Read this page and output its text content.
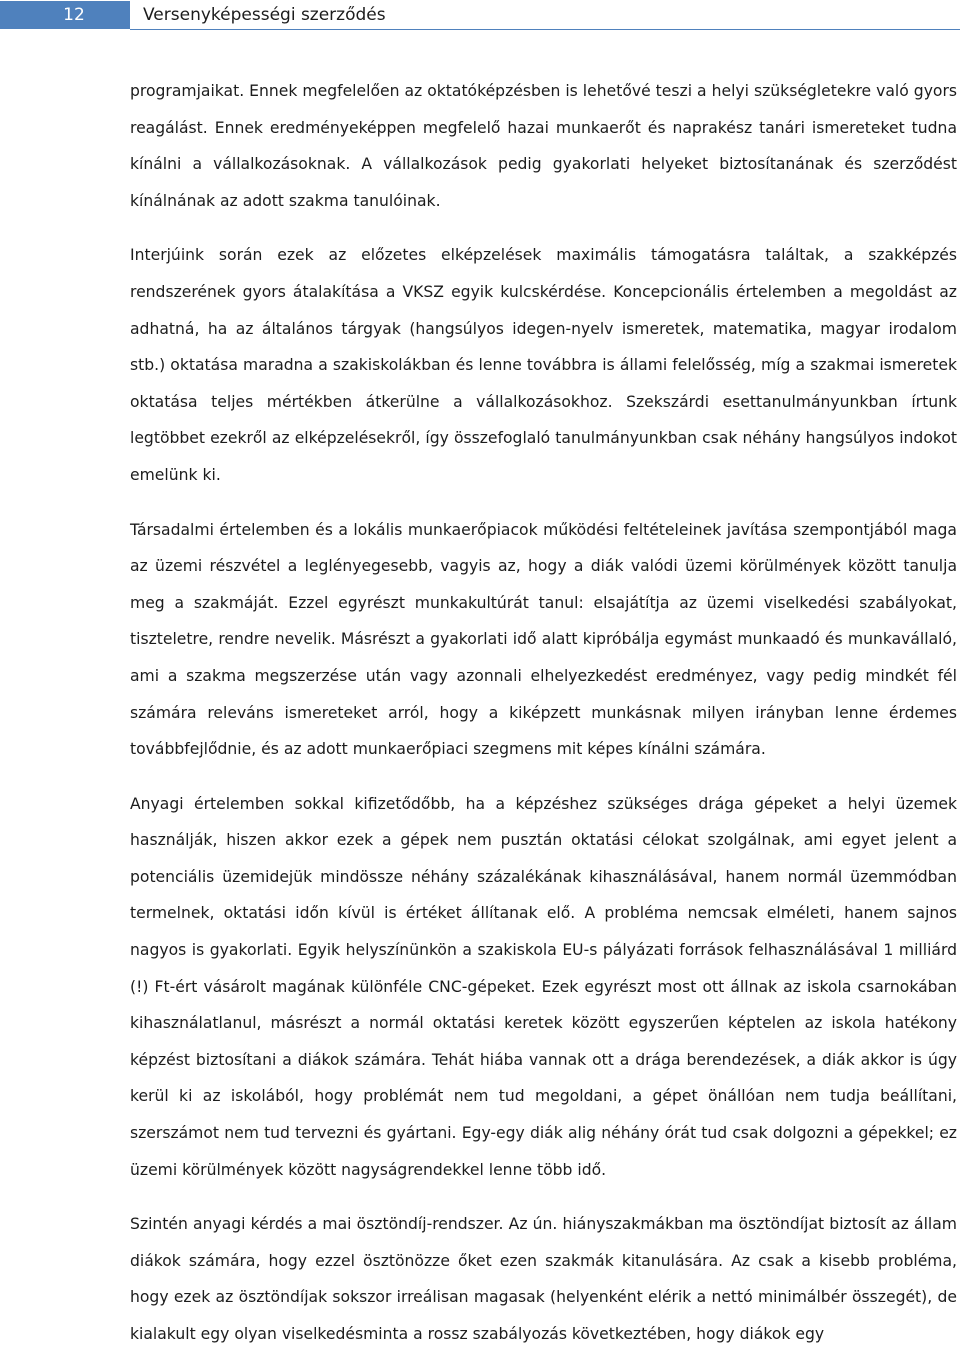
12	Versenyképességi szerződés

programjaikat. Ennek megfelelően az oktatóképzésben is lehetővé teszi a helyi szükségletekre való gyors reagálást. Ennek eredményeképpen megfelelő hazai munkaerőt és naprakész tanári ismereteket tudna kínálni a vállalkozásoknak. A vállalkozások pedig gyakorlati helyeket biztosítanának és szerződést kínálnának az adott szakma tanulóinak.

Interjúink során ezek az előzetes elképzelések maximális támogatásra találtak, a szakképzés rendszerének gyors átalakítása a VKSZ egyik kulcskérdése. Koncepcionális értelemben a megoldást az adhatná, ha az általános tárgyak (hangsúlyos idegen-nyelv ismeretek, matematika, magyar irodalom stb.) oktatása maradna a szakiskolákban és lenne továbbra is állami felelősség, míg a szakmai ismeretek oktatása teljes mértékben átkerülne a vállalkozásokhoz. Szekszárdi esettanulmányunkban írtunk legtöbbet ezekről az elképzelésekről, így összefoglaló tanulmányunkban csak néhány hangsúlyos indokot emelünk ki.

Társadalmi értelemben és a lokális munkaerőpiacok működési feltételeinek javítása szempontjából maga az üzemi részvétel a leglényegesebb, vagyis az, hogy a diák valódi üzemi körülmények között tanulja meg a szakmáját. Ezzel egyrészt munkakultúrát tanul: elsajátítja az üzemi viselkedési szabályokat, tiszteletre, rendre nevelik. Másrészt a gyakorlati idő alatt kipróbálja egymást munkaadó és munkavállaló, ami a szakma megszerzése után vagy azonnali elhelyezkedést eredményez, vagy pedig mindkét fél számára releváns ismereteket arról, hogy a kiképzett munkásnak milyen irányban lenne érdemes továbbfejlődnie, és az adott munkaerőpiaci szegmens mit képes kínálni számára.

Anyagi értelemben sokkal kifizetődőbb, ha a képzéshez szükséges drága gépeket a helyi üzemek használják, hiszen akkor ezek a gépek nem pusztán oktatási célokat szolgálnak, ami egyet jelent a potenciális üzemidejük mindössze néhány százalékának kihasználásával, hanem normál üzemmódban termelnek, oktatási időn kívül is értéket állítanak elő. A probléma nemcsak elméleti, hanem sajnos nagyos is gyakorlati. Egyik helyszínünkön a szakiskola EU-s pályázati források felhasználásával 1 milliárd (!) Ft-ért vásárolt magának különféle CNC-gépeket. Ezek egyrészt most ott állnak az iskola csarnokában kihasználatlanul, másrészt a normál oktatási keretek között egyszerűen képtelen az iskola hatékony képzést biztosítani a diákok számára. Tehát hiába vannak ott a drága berendezések, a diák akkor is úgy kerül ki az iskolából, hogy problémát nem tud megoldani, a gépet önállóan nem tudja beállítani, szerszámot nem tud tervezni és gyártani. Egy-egy diák alig néhány órát tud csak dolgozni a gépekkel; ez üzemi körülmények között nagyságrendekkel lenne több idő.

Szintén anyagi kérdés a mai ösztöndíj-rendszer. Az ún. hiányszakmákban ma ösztöndíjat biztosít az állam diákok számára, hogy ezzel ösztönözze őket ezen szakmák kitanulására. Az csak a kisebb probléma, hogy ezek az ösztöndíjak sokszor irreálisan magasak (helyenként elérik a nettó minimálbér összegét), de kialakult egy olyan viselkedésminta a rossz szabályozás következtében, hogy diákok egy
